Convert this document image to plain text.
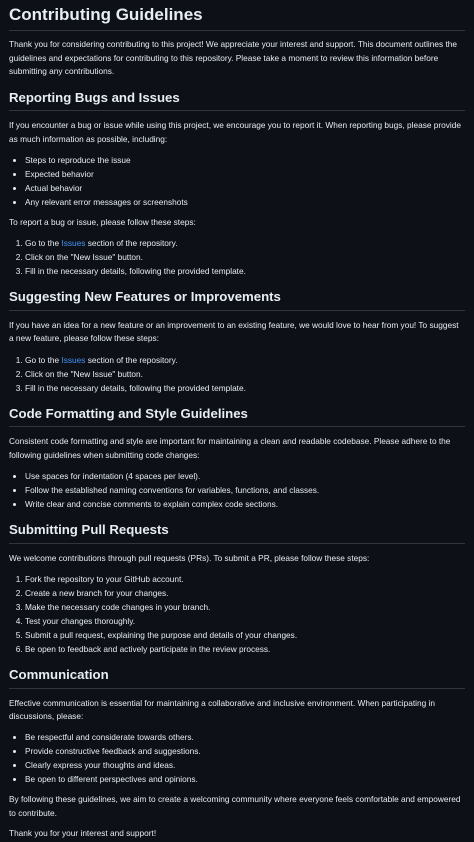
Contributing Guidelines

Thank you for considering contributing to this project! We appreciate your interest and support. This document outlines the guidelines and expectations for contributing to this repository. Please take a moment to review this information before submitting any contributions.

Reporting Bugs and Issues

If you encounter a bug or issue while using this project, we encourage you to report it. When reporting bugs, please provide as much information as possible, including:

• Steps to reproduce the issue
• Expected behavior
• Actual behavior
• Any relevant error messages or screenshots

To report a bug or issue, please follow these steps:

1. Go to the Issues section of the repository.
2. Click on the "New Issue" button.
3. Fill in the necessary details, following the provided template.
Suggesting New Features or Improvements

If you have an idea for a new feature or an improvement to an existing feature, we would love to hear from you! To suggest a new feature, please follow these steps:

1. Go to the Issues section of the repository.
2. Click on the "New Issue" button.
3. Fill in the necessary details, following the provided template.
Code Formatting and Style Guidelines

Consistent code formatting and style are important for maintaining a clean and readable codebase. Please adhere to the following guidelines when submitting code changes:

• Use spaces for indentation (4 spaces per level).
• Follow the established naming conventions for variables, functions, and classes.
• Write clear and concise comments to explain complex code sections.
Submitting Pull Requests

We welcome contributions through pull requests (PRs). To submit a PR, please follow these steps:

1. Fork the repository to your GitHub account.
2. Create a new branch for your changes.
3. Make the necessary code changes in your branch.
4. Test your changes thoroughly.
5. Submit a pull request, explaining the purpose and details of your changes.
6. Be open to feedback and actively participate in the review process.
Communication

Effective communication is essential for maintaining a collaborative and inclusive environment. When participating in discussions, please:

• Be respectful and considerate towards others.
• Provide constructive feedback and suggestions.
• Clearly express your thoughts and ideas.
• Be open to different perspectives and opinions.

By following these guidelines, we aim to create a welcoming community where everyone feels comfortable and empowered to contribute.

Thank you for your interest and support!
